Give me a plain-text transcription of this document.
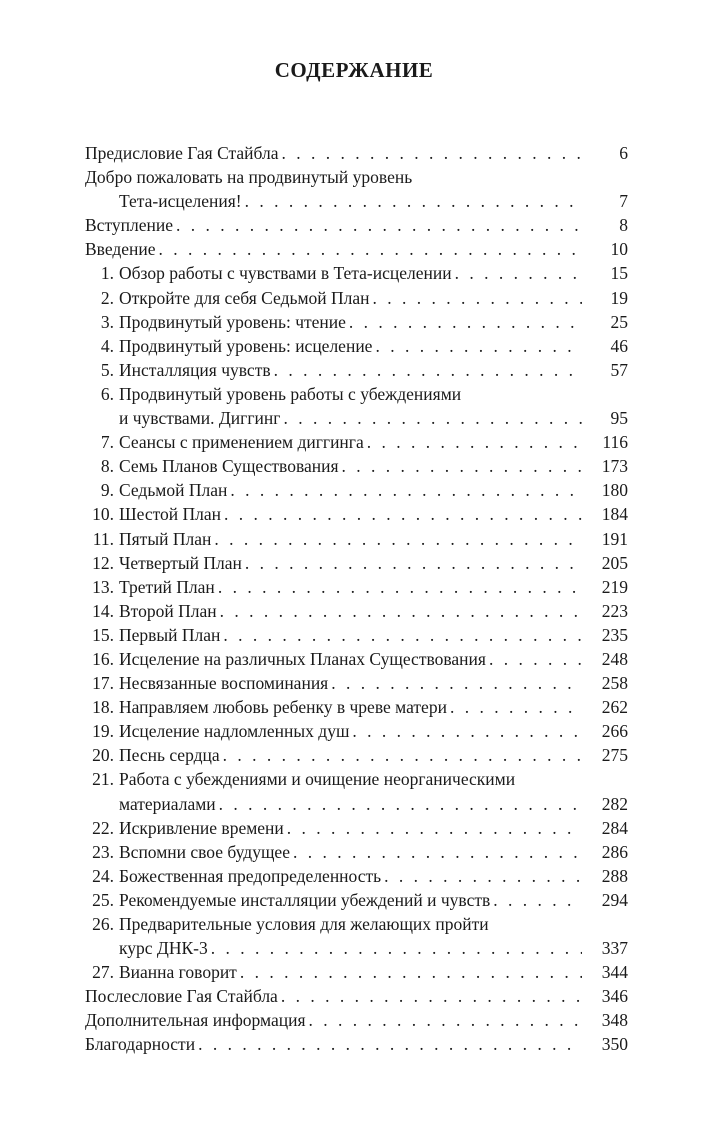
СОДЕРЖАНИЕ
Предисловие Гая Стайбла . . .	6
Добро пожаловать на продвинутый уровень
Тета-исцеления! . . .	7
Вступление . . .	8
Введение . . .	10
1. Обзор работы с чувствами в Тета-исцелении . . .	15
2. Откройте для себя Седьмой План . . .	19
3. Продвинутый уровень: чтение . . .	25
4. Продвинутый уровень: исцеление . . .	46
5. Инсталляция чувств . . .	57
6. Продвинутый уровень работы с убеждениями
и чувствами. Диггинг . . .	95
7. Сеансы с применением диггинга . . .	116
8. Семь Планов Существования . . .	173
9. Седьмой План . . .	180
10. Шестой План . . .	184
11. Пятый План . . .	191
12. Четвертый План . . .	205
13. Третий План . . .	219
14. Второй План . . .	223
15. Первый План . . .	235
16. Исцеление на различных Планах Существования . . .	248
17. Несвязанные воспоминания . . .	258
18. Направляем любовь ребенку в чреве матери . . .	262
19. Исцеление надломленных душ . . .	266
20. Песнь сердца . . .	275
21. Работа с убеждениями и очищение неорганическими
материалами . . .	282
22. Искривление времени . . .	284
23. Вспомни свое будущее . . .	286
24. Божественная предопределенность . . .	288
25. Рекомендуемые инсталляции убеждений и чувств . . .	294
26. Предварительные условия для желающих пройти
курс ДНК-3 . . .	337
27. Вианна говорит . . .	344
Послесловие Гая Стайбла . . .	346
Дополнительная информация . . .	348
Благодарности . . .	350
